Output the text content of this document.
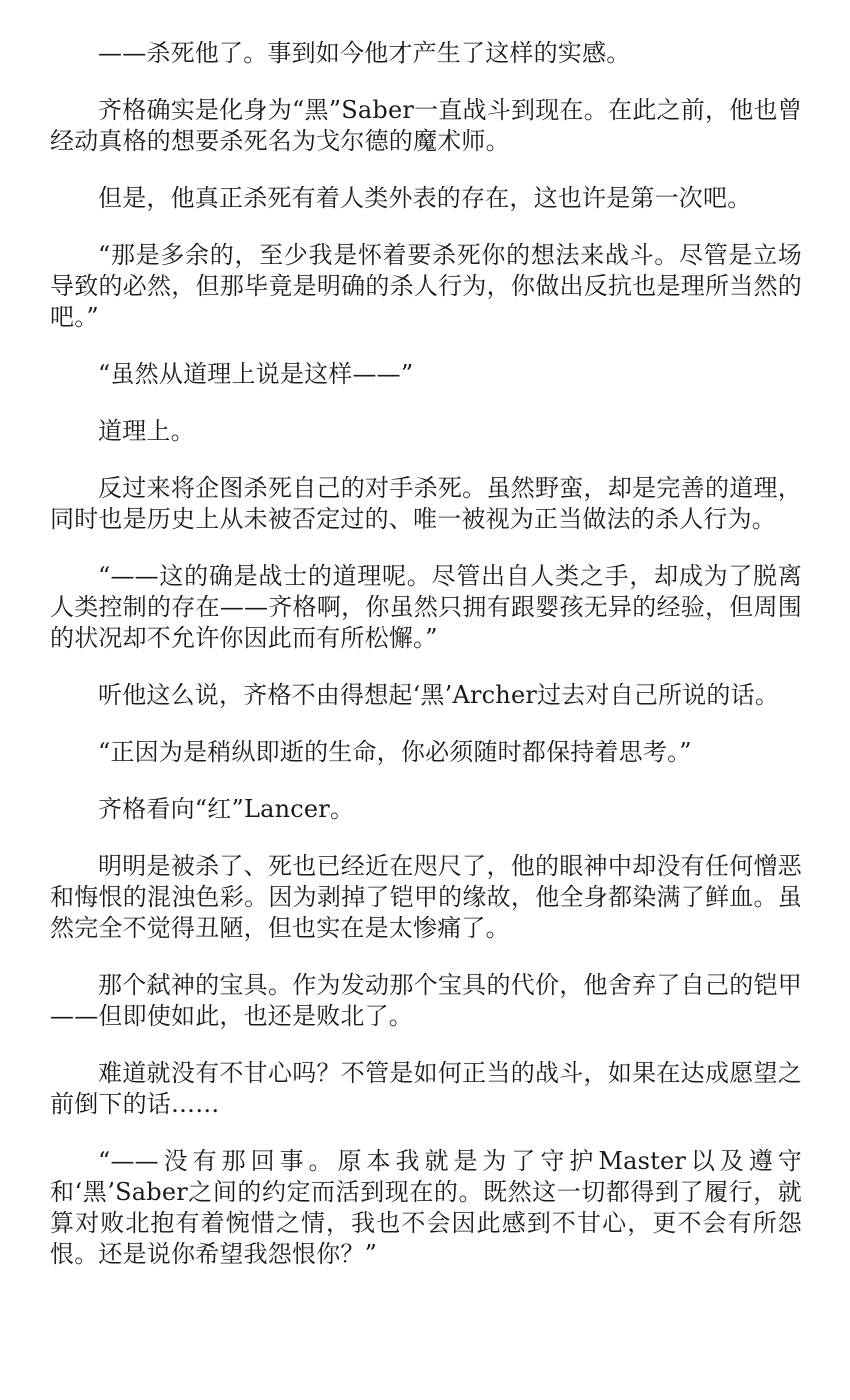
——杀死他了。事到如今他才产生了这样的实感。

齐格确实是化身为“黑”Saber一直战斗到现在。在此之前，他也曾经动真格的想要杀死名为戈尔德的魔术师。

但是，他真正杀死有着人类外表的存在，这也许是第一次吧。

“那是多余的，至少我是怀着要杀死你的想法来战斗。尽管是立场导致的必然，但那毕竟是明确的杀人行为，你做出反抗也是理所当然的吧。”

“虽然从道理上说是这样——”

道理上。

反过来将企图杀死自己的对手杀死。虽然野蛮，却是完善的道理，同时也是历史上从未被否定过的、唯一被视为正当做法的杀人行为。

“——这的确是战士的道理呢。尽管出自人类之手，却成为了脱离人类控制的存在——齐格啊，你虽然只拥有跟婴孩无异的经验，但周围的状况却不允许你因此而有所松懈。”

听他这么说，齐格不由得想起‘黑’Archer过去对自己所说的话。

“正因为是稍纵即逝的生命，你必须随时都保持着思考。”

齐格看向“红”Lancer。

明明是被杀了、死也已经近在咫尺了，他的眼神中却没有任何憎恶和悔恨的混浊色彩。因为剥掉了铠甲的缘故，他全身都染满了鲜血。虽然完全不觉得丑陋，但也实在是太惨痛了。

那个弑神的宝具。作为发动那个宝具的代价，他舍弃了自己的铠甲——但即使如此，也还是败北了。

难道就没有不甘心吗？不管是如何正当的战斗，如果在达成愿望之前倒下的话……

“——没有那回事。原本我就是为了守护Master以及遵守和‘黑’Saber之间的约定而活到现在的。既然这一切都得到了履行，就算对败北抱有着惋惜之情，我也不会因此感到不甘心，更不会有所怨恨。还是说你希望我怨恨你？”
